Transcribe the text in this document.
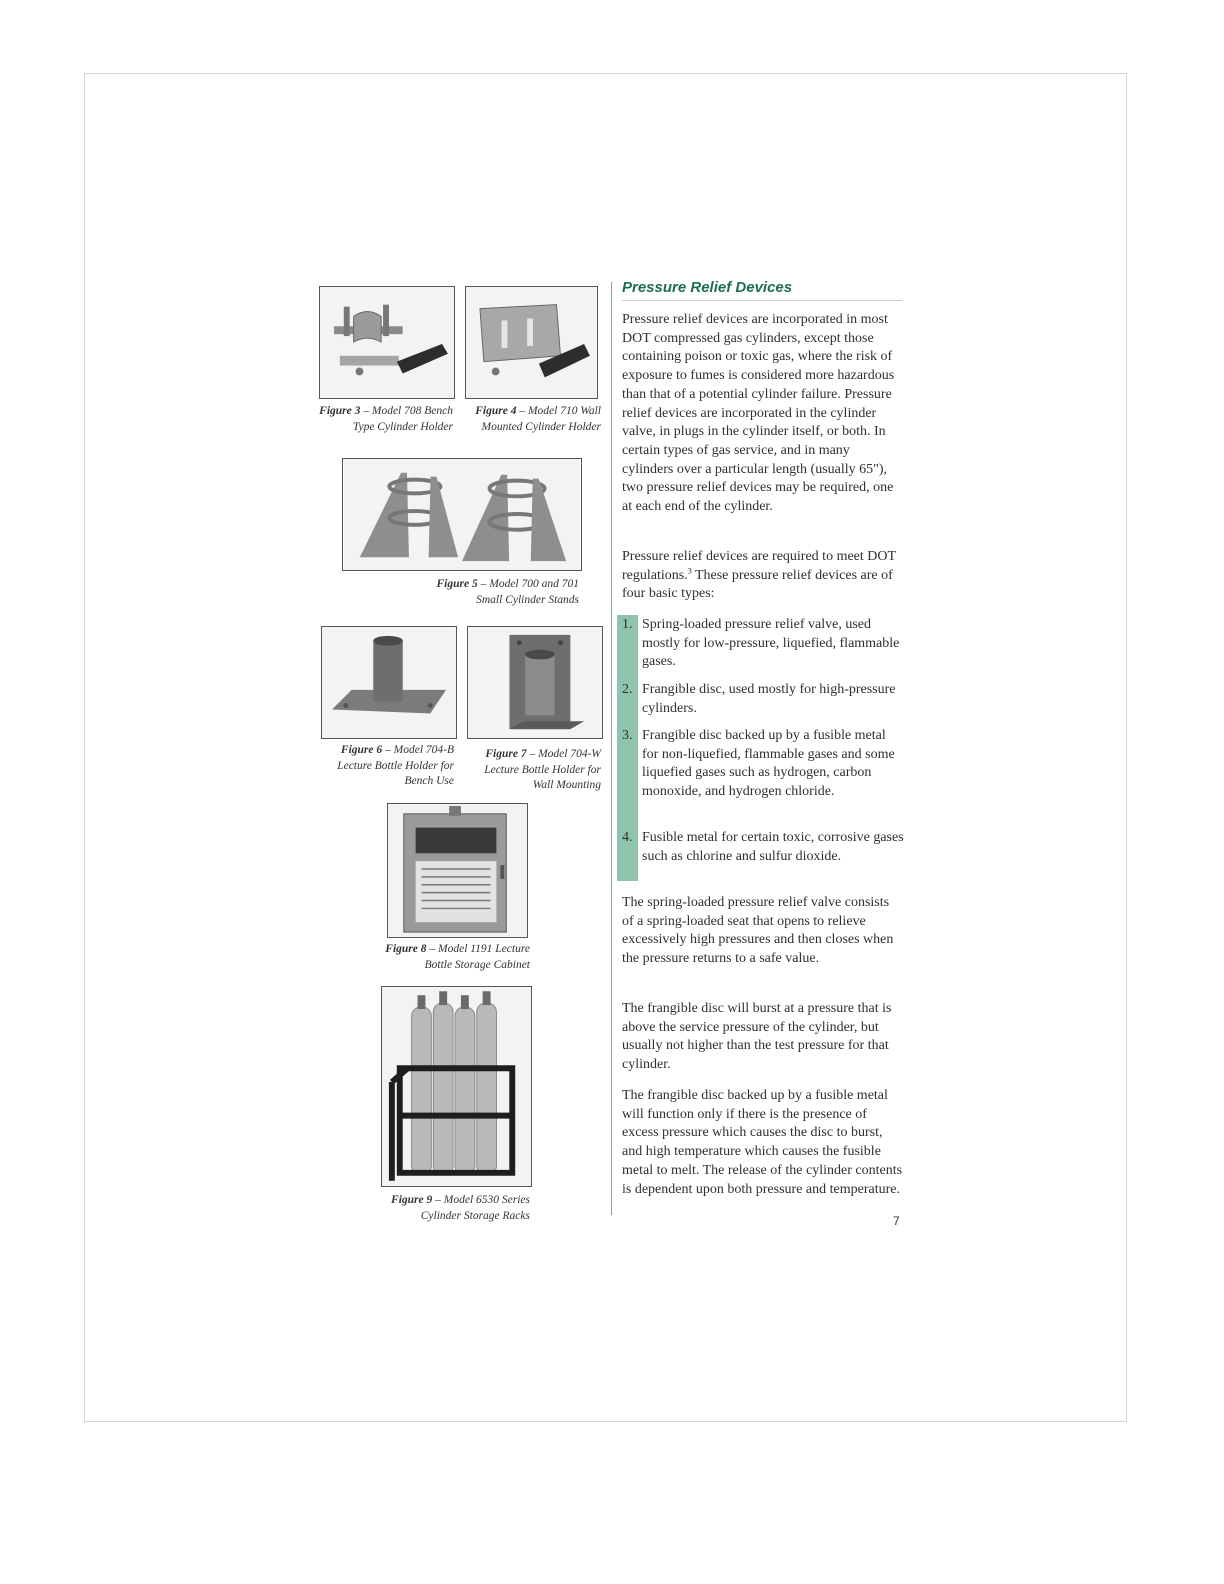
Figure 3 – Model 708 Bench
Type Cylinder Holder
Figure 4 – Model 710 Wall
Mounted Cylinder Holder
Figure 5 – Model 700 and 701
Small Cylinder Stands
Figure 6 – Model 704-B
Lecture Bottle Holder for
Bench Use
Figure 7 – Model 704-W
Lecture Bottle Holder for
Wall Mounting
Figure 8 – Model 1191 Lecture
Bottle Storage Cabinet
Figure 9 – Model 6530 Series
Cylinder Storage Racks
Pressure Relief Devices
Pressure relief devices are incorporated in most DOT compressed gas cylinders, except those containing poison or toxic gas, where the risk of exposure to fumes is considered more hazardous than that of a potential cylinder failure. Pressure relief devices are incorporated in the cylinder valve, in plugs in the cylinder itself, or both. In certain types of gas service, and in many cylinders over a particular length (usually 65"), two pressure relief devices may be required, one at each end of the cylinder.
Pressure relief devices are required to meet DOT regulations.$^3$ These pressure relief devices are of four basic types:
1. Spring-loaded pressure relief valve, used mostly for low-pressure, liquefied, flammable gases.
2. Frangible disc, used mostly for high-pressure cylinders.
3. Frangible disc backed up by a fusible metal for non-liquefied, flammable gases and some liquefied gases such as hydrogen, carbon monoxide, and hydrogen chloride.
4. Fusible metal for certain toxic, corrosive gases such as chlorine and sulfur dioxide.
The spring-loaded pressure relief valve consists of a spring-loaded seat that opens to relieve excessively high pressures and then closes when the pressure returns to a safe value.
The frangible disc will burst at a pressure that is above the service pressure of the cylinder, but usually not higher than the test pressure for that cylinder.
The frangible disc backed up by a fusible metal will function only if there is the presence of excess pressure which causes the disc to burst, and high temperature which causes the fusible metal to melt. The release of the cylinder contents is dependent upon both pressure and temperature.
7
